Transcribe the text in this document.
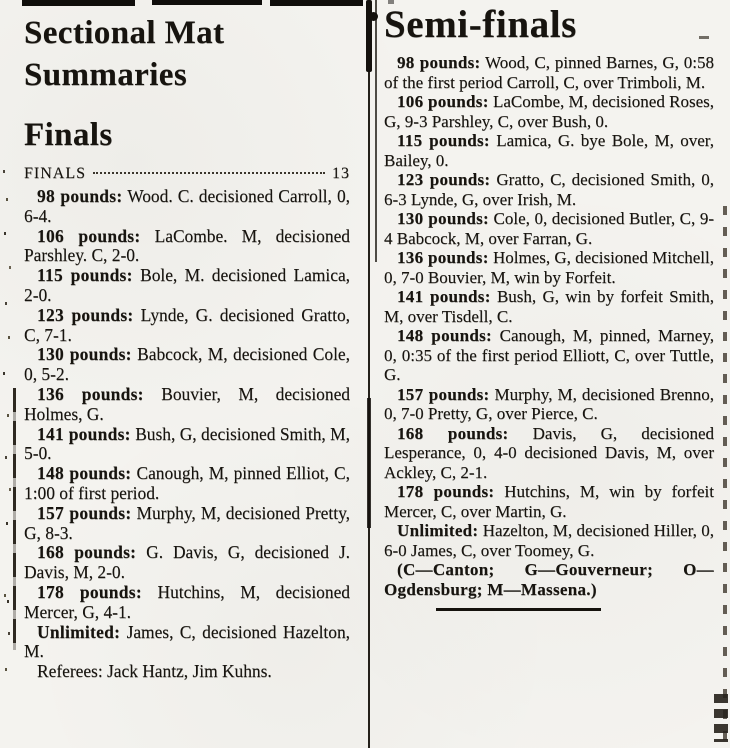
Sectional Mat
Summaries
Finals
FINALS	13

98 pounds: Wood. C. decisioned Carroll, 0, 6-4.

106 pounds: LaCombe. M, decisioned Parshley. C, 2-0.

115 pounds: Bole, M. decisioned Lamica, 2-0.

123 pounds: Lynde, G. decisioned Gratto, C, 7-1.

130 pounds: Babcock, M, decisioned Cole, 0, 5-2.

136 pounds: Bouvier, M, decisioned Holmes, G.

141 pounds: Bush, G, decisioned Smith, M, 5-0.

148 pounds: Canough, M, pinned Elliot, C, 1:00 of first period.

157 pounds: Murphy, M, decisioned Pretty, G, 8-3.

168 pounds: G. Davis, G, decisioned J. Davis, M, 2-0.

178 pounds: Hutchins, M, decisioned Mercer, G, 4-1.

Unlimited: James, C, decisioned Hazelton, M.

Referees: Jack Hantz, Jim Kuhns.

Semi-finals

98 pounds: Wood, C, pinned Barnes, G, 0:58 of the first period Carroll, C, over Trimboli, M.

106 pounds: LaCombe, M, decisioned Roses, G, 9-3 Parshley, C, over Bush, 0.

115 pounds: Lamica, G. bye Bole, M, over, Bailey, 0.

123 pounds: Gratto, C, decisioned Smith, 0, 6-3 Lynde, G, over Irish, M.

130 pounds: Cole, 0, decisioned Butler, C, 9-4 Babcock, M, over Farran, G.

136 pounds: Holmes, G, decisioned Mitchell, 0, 7-0 Bouvier, M, win by Forfeit.

141 pounds: Bush, G, win by forfeit Smith, M, over Tisdell, C.

148 pounds: Canough, M, pinned, Marney, 0, 0:35 of the first period Elliott, C, over Tuttle, G.

157 pounds: Murphy, M, decisioned Brenno, 0, 7-0 Pretty, G, over Pierce, C.

168 pounds: Davis, G, decisioned Lesperance, 0, 4-0 decisioned Davis, M, over Ackley, C, 2-1.

178 pounds: Hutchins, M, win by forfeit Mercer, C, over Martin, G.

Unlimited: Hazelton, M, decisioned Hiller, 0, 6-0 James, C, over Toomey, G.

(C—Canton; G—Gouverneur; O—Ogdensburg; M—Massena.)
